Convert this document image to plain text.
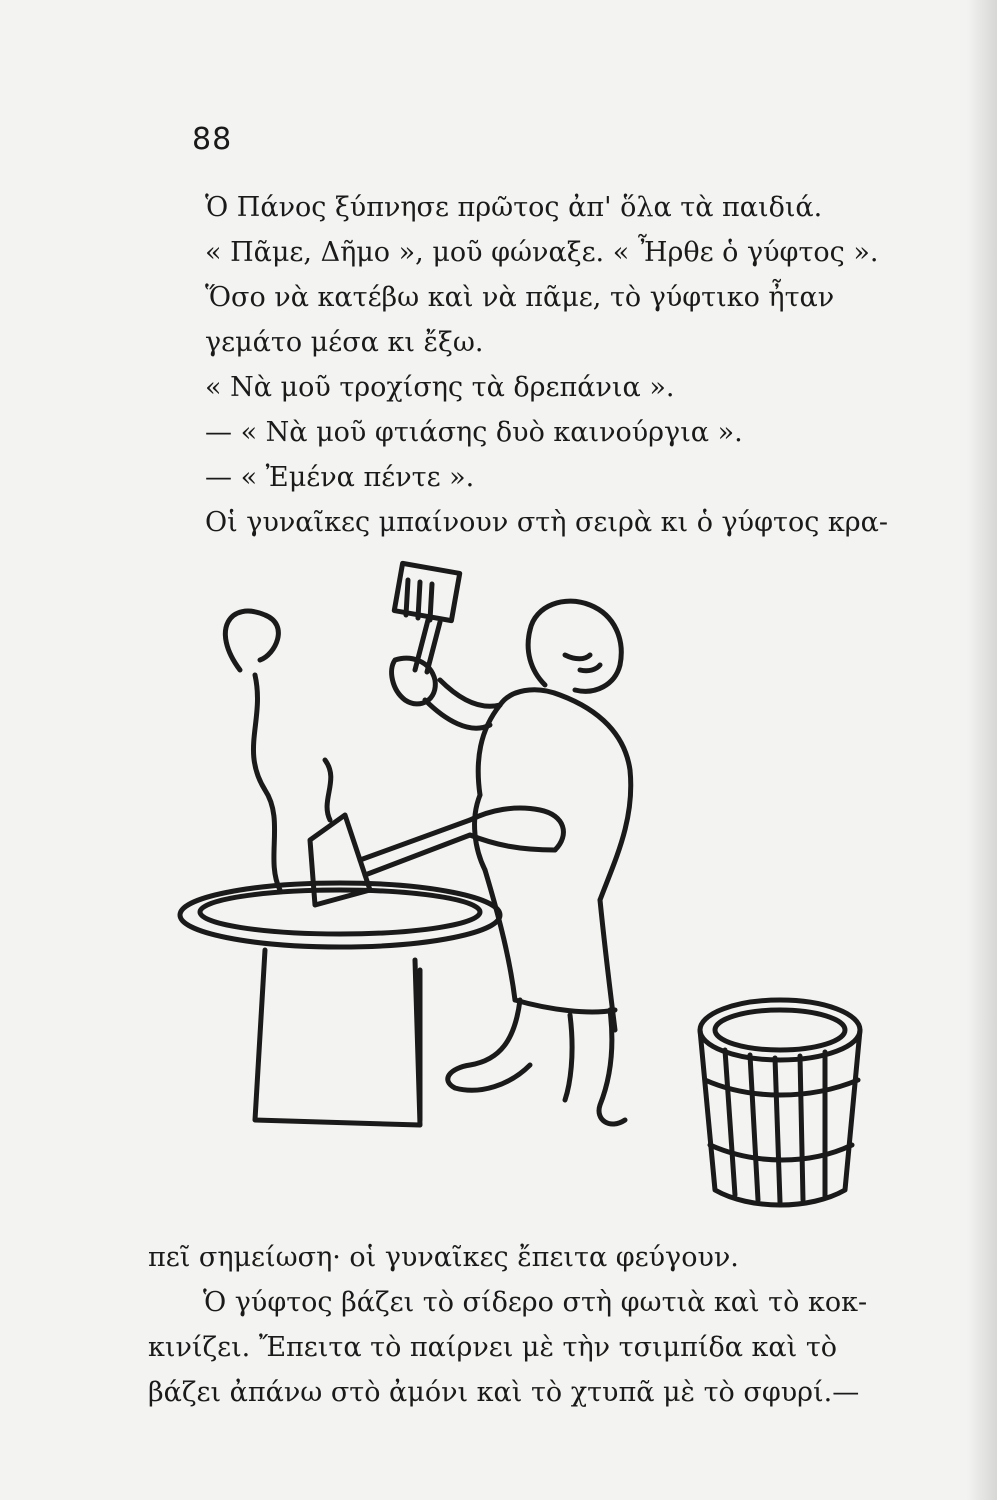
88
Ὁ Πάνος ξύπνησε πρῶτος ἀπ' ὅλα τὰ παιδιά.
« Πᾶμε, Δῆμο », μοῦ φώναξε. « Ἦρθε ὁ γύφτος ».
Ὅσο νὰ κατέβω καὶ νὰ πᾶμε, τὸ γύφτικο ἦταν
γεμάτο μέσα κι ἔξω.
« Νὰ μοῦ τροχίσης τὰ δρεπάνια ».
— « Νὰ μοῦ φτιάσης δυὸ καινούργια ».
— « Ἐμένα πέντε ».
Οἱ γυναῖκες μπαίνουν στὴ σειρὰ κι ὁ γύφτος κρα-
πεῖ σημείωση· οἱ γυναῖκες ἔπειτα φεύγουν.
Ὁ γύφτος βάζει τὸ σίδερο στὴ φωτιὰ καὶ τὸ κοκ-
κινίζει. Ἔπειτα τὸ παίρνει μὲ τὴν τσιμπίδα καὶ τὸ
βάζει ἀπάνω στὸ ἀμόνι καὶ τὸ χτυπᾶ μὲ τὸ σφυρί.—
